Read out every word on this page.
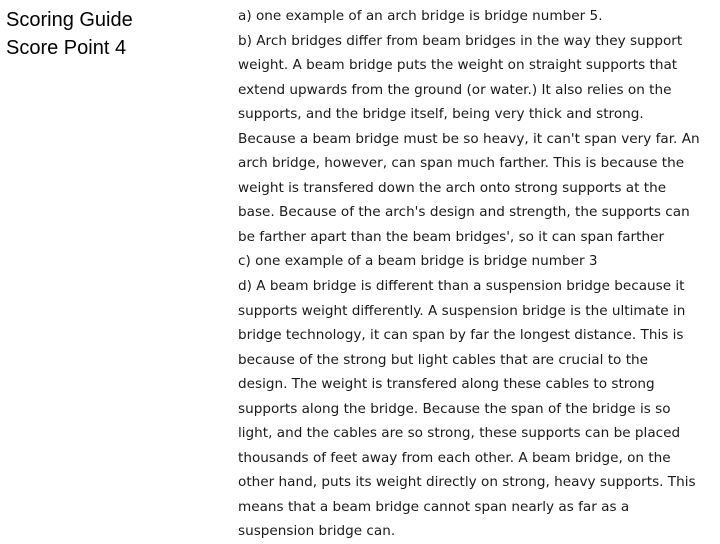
Scoring Guide
Score Point 4
a) one example of an arch bridge is bridge number 5.
b) Arch bridges differ from beam bridges in the way they support
weight. A beam bridge puts the weight on straight supports that
extend upwards from the ground (or water.) It also relies on the
supports, and the bridge itself, being very thick and strong.
Because a beam bridge must be so heavy, it can't span very far. An
arch bridge, however, can span much farther. This is because the
weight is transfered down the arch onto strong supports at the
base. Because of the arch's design and strength, the supports can
be farther apart than the beam bridges', so it can span farther
c) one example of a beam bridge is bridge number 3
d) A beam bridge is different than a suspension bridge because it
supports weight differently. A suspension bridge is the ultimate in
bridge technology, it can span by far the longest distance. This is
because of the strong but light cables that are crucial to the
design. The weight is transfered along these cables to strong
supports along the bridge. Because the span of the bridge is so
light, and the cables are so strong, these supports can be placed
thousands of feet away from each other. A beam bridge, on the
other hand, puts its weight directly on strong, heavy supports. This
means that a beam bridge cannot span nearly as far as a
suspension bridge can.
